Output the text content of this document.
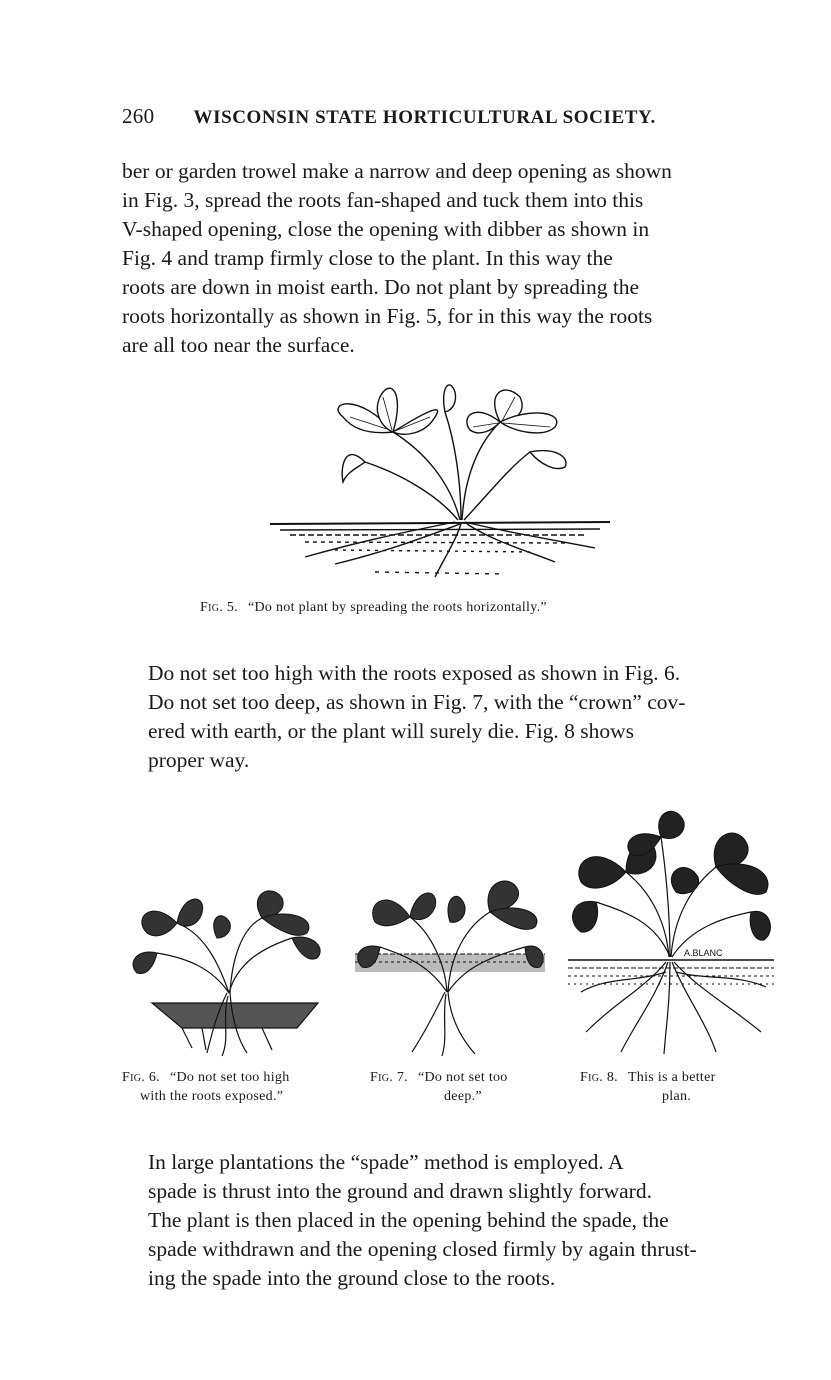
260 WISCONSIN STATE HORTICULTURAL SOCIETY.

ber or garden trowel make a narrow and deep opening as shown
in Fig. 3, spread the roots fan-shaped and tuck them into this
V-shaped opening, close the opening with dibber as shown in
Fig. 4 and tramp firmly close to the plant. In this way the
roots are down in moist earth. Do not plant by spreading the
roots horizontally as shown in Fig. 5, for in this way the roots
are all too near the surface.

Fig. 5. “Do not plant by spreading the roots horizontally.”

Do not set too high with the roots exposed as shown in Fig. 6.
Do not set too deep, as shown in Fig. 7, with the “crown” cov-
ered with earth, or the plant will surely die. Fig. 8 shows
proper way.

A.BLANC
Fig. 6. “Do not set too high
with the roots exposed.”
Fig. 7. “Do not set too
deep.”
Fig. 8. This is a better
plan.

In large plantations the “spade” method is employed. A
spade is thrust into the ground and drawn slightly forward.
The plant is then placed in the opening behind the spade, the
spade withdrawn and the opening closed firmly by again thrust-
ing the spade into the ground close to the roots.
